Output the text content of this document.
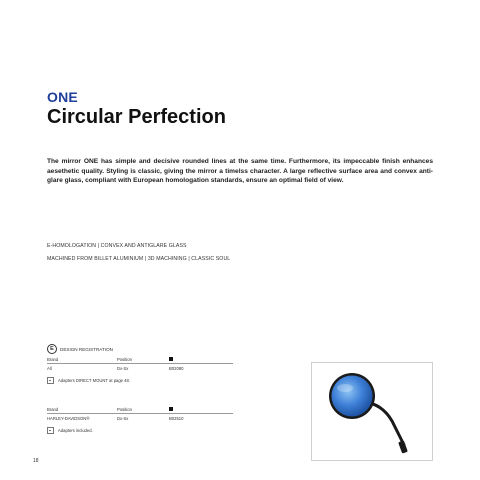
ONE
Circular Perfection
The mirror ONE has simple and decisive rounded lines at the same time. Furthermore, its impeccable finish enhances aesethetic quality. Styling is classic, giving the mirror a timelss character. A large reflective surface area and convex anti-glare glass, compliant with European homologation standards, ensure an optimal field of view.
E-HOMOLOGATION | CONVEX AND ANTIGLARE GLASS
MACHINED FROM BILLET ALUMINIUM | 3D MACHINING | CLASSIC SOUL
E	DESIGN REGISTRATION
Brand	Position
All	Dx-Sx	B02080
Adapters DIRECT MOUNT at page 48.
Brand	Position
HARLEY-DAVIDSON®	Dx-Sx	B02510
Adapters included.
18
